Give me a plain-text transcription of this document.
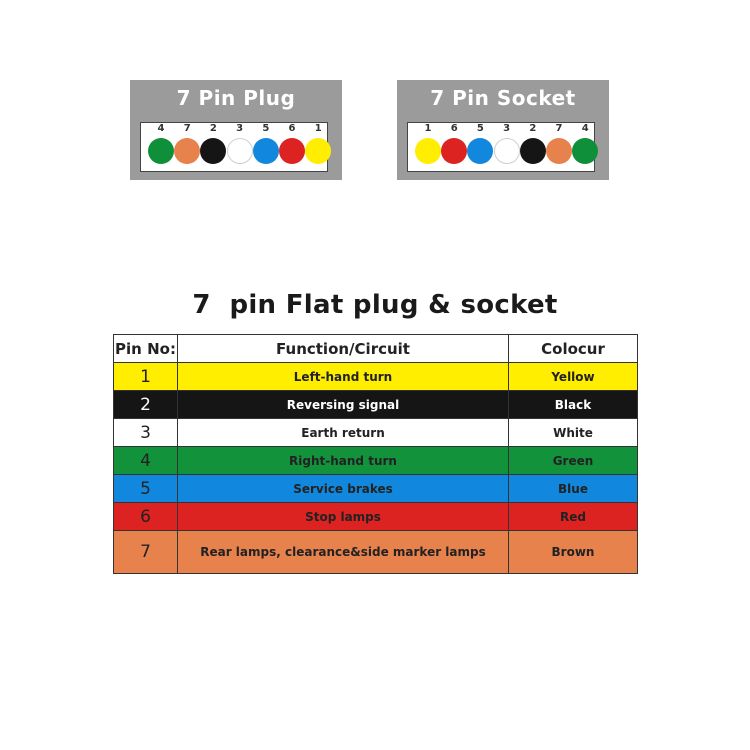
7 Pin Plug
4	7	2	3	5	6	1
7 Pin Socket
1	6	5	3	2	7	4
7  pin Flat plug & socket
Pin No:	Function/Circuit	Colocur
1	Left-hand turn	Yellow
2	Reversing signal	Black
3	Earth return	White
4	Right-hand turn	Green
5	Service brakes	Blue
6	Stop lamps	Red
7	Rear lamps, clearance&side marker lamps	Brown
